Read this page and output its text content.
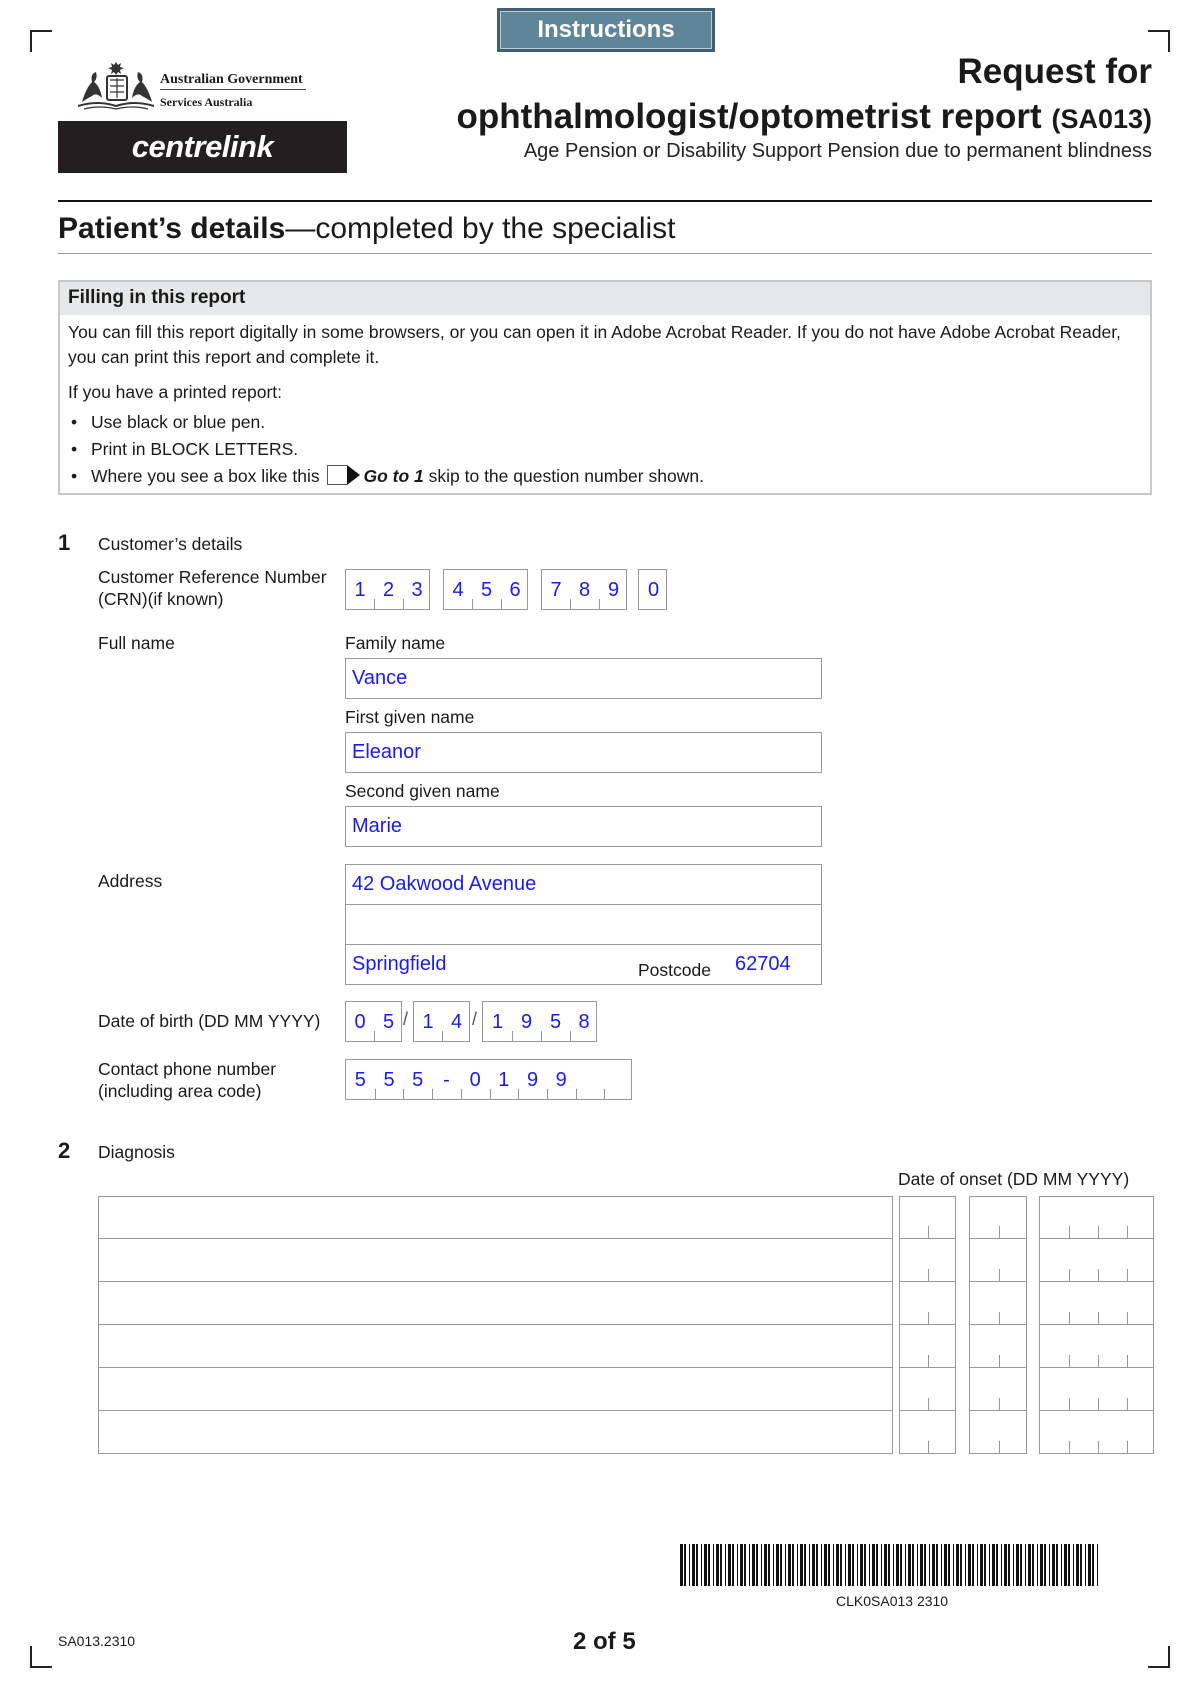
Instructions
Australian Government
Services Australia
centrelink
Request for
ophthalmologist/optometrist report (SA013)
Age Pension or Disability Support Pension due to permanent blindness
Patient’s details—completed by the specialist
Filling in this report

You can fill this report digitally in some browsers, or you can open it in Adobe Acrobat Reader. If you do not have Adobe Acrobat Reader, you can print this report and complete it.

If you have a printed report:

• Use black or blue pen.
• Print in BLOCK LETTERS.
• Where you see a box like this	Go to 1 skip to the question number shown.
1 Customer’s details
Customer Reference Number
(CRN)(if known)	1 2 3	4 5 6	7 8 9	0
Full name	Family name
Vance
First given name
Eleanor
Second given name
Marie
Address	42 Oakwood Avenue
Springfield	Postcode 62704
Date of birth (DD MM YYYY)	0 5 / 1 4 / 1 9 5 8
Contact phone number
(including area code)	5 5 5 - 0 1 9 9
2 Diagnosis
Date of onset (DD MM YYYY)
CLK0SA013 2310
SA013.2310	2 of 5
